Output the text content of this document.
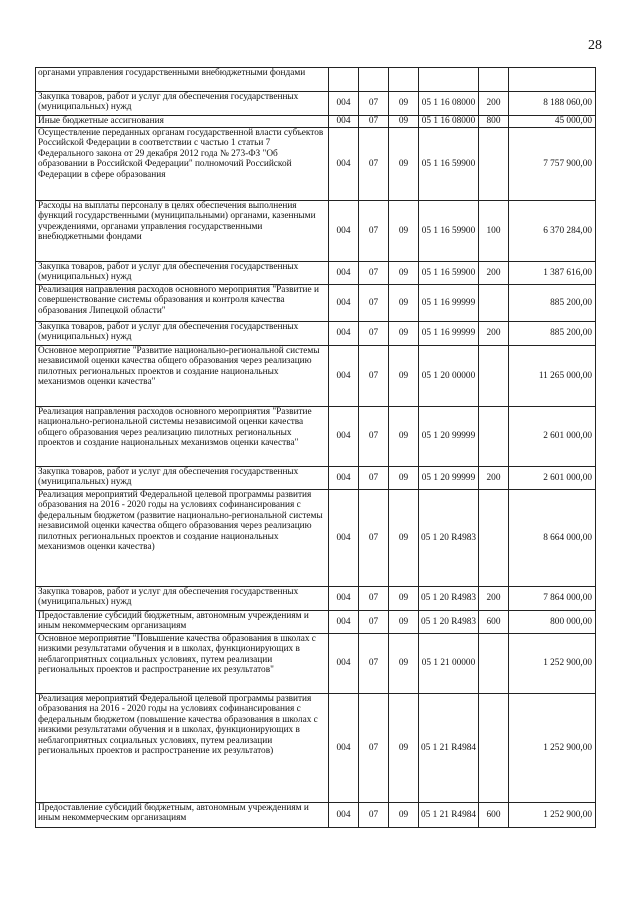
28
органами управления государственными внебюджетными фондами						
Закупка товаров, работ и услуг для обеспечения государственных (муниципальных) нужд	004	07	09	05 1 16 08000	200	8 188 060,00
Иные бюджетные ассигнования	004	07	09	05 1 16 08000	800	45 000,00
Осуществление переданных органам государственной власти субъектов Российской Федерации в соответствии с частью 1 статьи 7 Федерального закона от 29 декабря 2012 года № 273-ФЗ "Об образовании в Российской Федерации" полномочий Российской Федерации в сфере образования	004	07	09	05 1 16 59900		7 757 900,00
Расходы на выплаты персоналу в целях обеспечения выполнения функций государственными (муниципальными) органами, казенными учреждениями, органами управления государственными внебюджетными фондами	004	07	09	05 1 16 59900	100	6 370 284,00
Закупка товаров, работ и услуг для обеспечения государственных (муниципальных) нужд	004	07	09	05 1 16 59900	200	1 387 616,00
Реализация направления расходов основного мероприятия "Развитие и совершенствование системы образования и контроля качества образования Липецкой области"	004	07	09	05 1 16 99999		885 200,00
Закупка товаров, работ и услуг для обеспечения государственных (муниципальных) нужд	004	07	09	05 1 16 99999	200	885 200,00
Основное мероприятие "Развитие национально-региональной системы независимой оценки качества общего образования через реализацию пилотных региональных проектов и создание национальных механизмов оценки качества"	004	07	09	05 1 20 00000		11 265 000,00
Реализация направления расходов основного мероприятия "Развитие национально-региональной системы независимой оценки качества общего образования через реализацию пилотных региональных проектов и создание национальных механизмов оценки качества"	004	07	09	05 1 20 99999		2 601 000,00
Закупка товаров, работ и услуг для обеспечения государственных (муниципальных) нужд	004	07	09	05 1 20 99999	200	2 601 000,00
Реализация мероприятий Федеральной целевой программы развития образования на 2016 - 2020 годы на условиях софинансирования с федеральным бюджетом (развитие национально-региональной системы независимой оценки качества общего образования через реализацию пилотных региональных проектов и создание национальных механизмов оценки качества)	004	07	09	05 1 20 R4983		8 664 000,00
Закупка товаров, работ и услуг для обеспечения государственных (муниципальных) нужд	004	07	09	05 1 20 R4983	200	7 864 000,00
Предоставление субсидий бюджетным, автономным учреждениям и иным некоммерческим организациям	004	07	09	05 1 20 R4983	600	800 000,00
Основное мероприятие "Повышение качества образования в школах с низкими результатами обучения и в школах, функционирующих в неблагоприятных социальных условиях, путем реализации региональных проектов и распространение их результатов"	004	07	09	05 1 21 00000		1 252 900,00
Реализация мероприятий Федеральной целевой программы развития образования на 2016 - 2020 годы на условиях софинансирования с федеральным бюджетом (повышение качества образования в школах с низкими результатами обучения и в школах, функционирующих в неблагоприятных социальных условиях, путем реализации региональных проектов и распространение их результатов)	004	07	09	05 1 21 R4984		1 252 900,00
Предоставление субсидий бюджетным, автономным учреждениям и иным некоммерческим организациям	004	07	09	05 1 21 R4984	600	1 252 900,00
